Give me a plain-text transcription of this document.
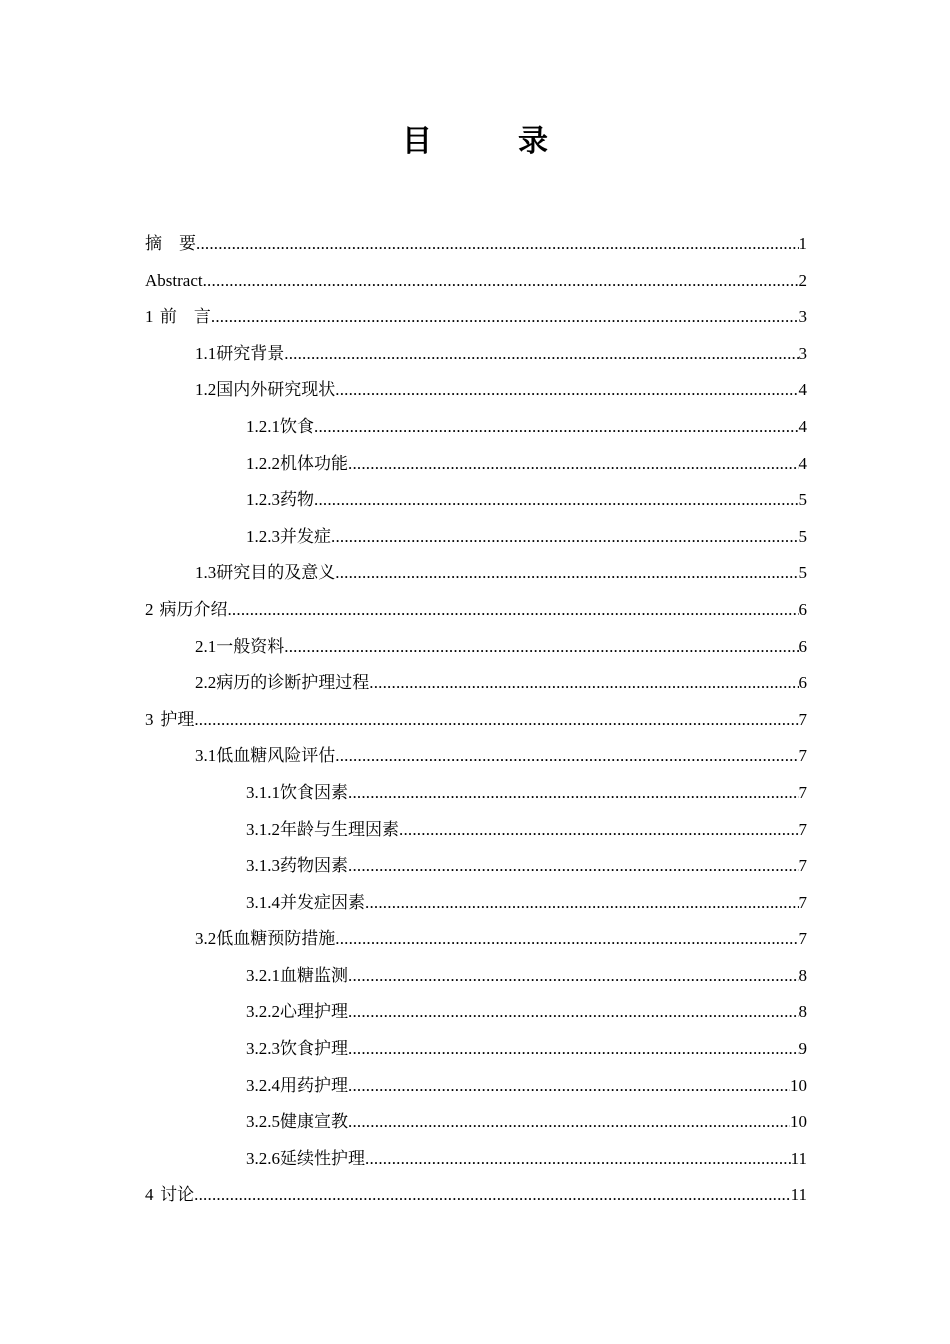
目　录
摘　要 .....	1
Abstract .....	2
1 前　言 .....	3
1.1 研究背景 .....	3
1.2 国内外研究现状 .....	4
1.2.1 饮食 .....	4
1.2.2 机体功能 .....	4
1.2.3 药物 .....	5
1.2.3 并发症 .....	5
1.3 研究目的及意义 .....	5
2 病历介绍 .....	6
2.1 一般资料 .....	6
2.2 病历的诊断护理过程 .....	6
3 护理 .....	7
3.1 低血糖风险评估 .....	7
3.1.1 饮食因素 .....	7
3.1.2 年龄与生理因素 .....	7
3.1.3 药物因素 .....	7
3.1.4 并发症因素 .....	7
3.2 低血糖预防措施 .....	7
3.2.1 血糖监测 .....	8
3.2.2 心理护理 .....	8
3.2.3 饮食护理 .....	9
3.2.4 用药护理 .....	10
3.2.5 健康宣教 .....	10
3.2.6 延续性护理 .....	11
4 讨论 .....	11
